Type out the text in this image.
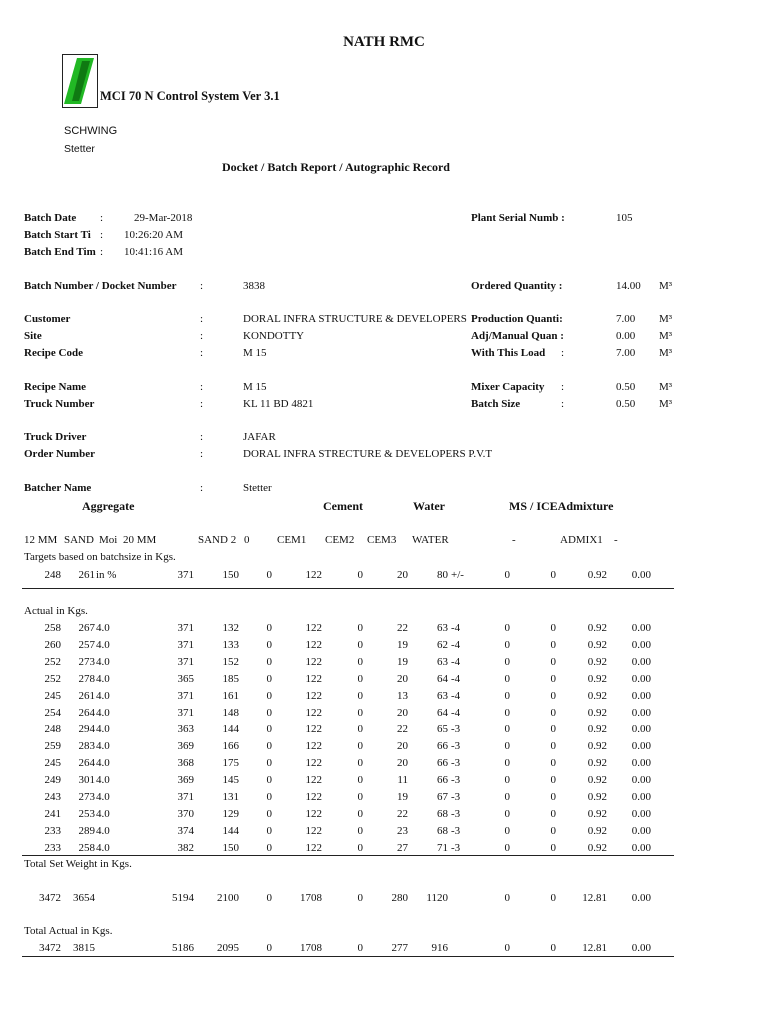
NATH RMC
MCI 70 N Control System Ver 3.1
SCHWING
Stetter
Docket / Batch Report / Autographic Record
Batch Date :	29-Mar-2018
Batch Start Ti : 10:26:20 AM
Batch End Tim : 10:41:16 AM
Plant Serial Numb :	105
Batch Number / Docket Number :	3838	Ordered Quantity :	14.00 M³
Customer	:	DORAL INFRA STRUCTURE & DEVELOPERS Production Quanti:	7.00 M³
Site	:	KONDOTTY	Adj/Manual Quan :	0.00 M³
Recipe Code	:	M 15	With This Load :	7.00 M³
Recipe Name	:	M 15	Mixer Capacity :	0.50 M³
Truck Number	:	KL 11 BD 4821	Batch Size	:	0.50 M³
Truck Driver	:	JAFAR
Order Number	:	DORAL INFRA STRECTURE & DEVELOPERS P.V.T
Batcher Name	:	Stetter
Aggregate	Cement	Water	MS / ICEAdmixture
12 MM SAND Moi 20 MM	SAND 2 0	CEM1 CEM2 CEM3 WATER	-	ADMIX1 -
Targets based on batchsize in Kgs.
248	261 in %	371	150	0	122	0	20	80 +/-	0	0	0.92	0.00
Actual in Kgs.
258	267 4.0	371	132	0	122	0	22	63 -4	0	0	0.92	0.00
260	257 4.0	371	133	0	122	0	19	62 -4	0	0	0.92	0.00
252	273 4.0	371	152	0	122	0	19	63 -4	0	0	0.92	0.00
252	278 4.0	365	185	0	122	0	20	64 -4	0	0	0.92	0.00
245	261 4.0	371	161	0	122	0	13	63 -4	0	0	0.92	0.00
254	264 4.0	371	148	0	122	0	20	64 -4	0	0	0.92	0.00
248	294 4.0	363	144	0	122	0	22	65 -3	0	0	0.92	0.00
259	283 4.0	369	166	0	122	0	20	66 -3	0	0	0.92	0.00
245	264 4.0	368	175	0	122	0	20	66 -3	0	0	0.92	0.00
249	301 4.0	369	145	0	122	0	11	66 -3	0	0	0.92	0.00
243	273 4.0	371	131	0	122	0	19	67 -3	0	0	0.92	0.00
241	253 4.0	370	129	0	122	0	22	68 -3	0	0	0.92	0.00
233	289 4.0	374	144	0	122	0	23	68 -3	0	0	0.92	0.00
233	258 4.0	382	150	0	122	0	27	71 -3	0	0	0.92	0.00
Total Set Weight in Kgs.
3472	3654	5194	2100	0	1708	0	280	1120	0	0	12.81	0.00
Total Actual in Kgs.
3472	3815	5186	2095	0	1708	0	277	916	0	0	12.81	0.00
